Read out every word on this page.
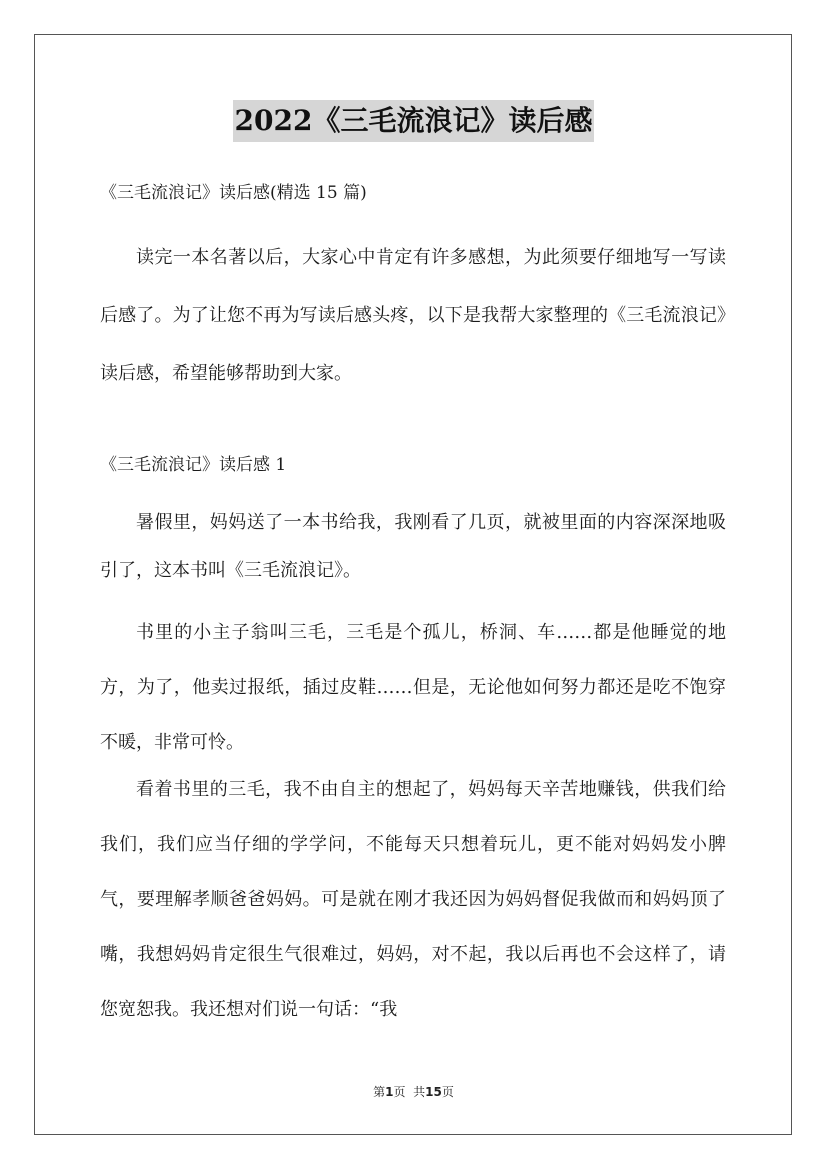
2022《三毛流浪记》读后感
《三毛流浪记》读后感(精选 15 篇)

读完一本名著以后，大家心中肯定有许多感想，为此须要仔细地写一写读后感了。为了让您不再为写读后感头疼，以下是我帮大家整理的《三毛流浪记》读后感，希望能够帮助到大家。

《三毛流浪记》读后感 1

暑假里，妈妈送了一本书给我，我刚看了几页，就被里面的内容深深地吸引了，这本书叫《三毛流浪记》。

书里的小主子翁叫三毛，三毛是个孤儿，桥洞、车……都是他睡觉的地方，为了，他卖过报纸，插过皮鞋……但是，无论他如何努力都还是吃不饱穿不暖，非常可怜。

看着书里的三毛，我不由自主的想起了，妈妈每天辛苦地赚钱，供我们给我们，我们应当仔细的学学问，不能每天只想着玩儿，更不能对妈妈发小脾气，要理解孝顺爸爸妈妈。可是就在刚才我还因为妈妈督促我做而和妈妈顶了嘴，我想妈妈肯定很生气很难过，妈妈，对不起，我以后再也不会这样了，请您宽恕我。我还想对们说一句话：“我

第1页 共15页
